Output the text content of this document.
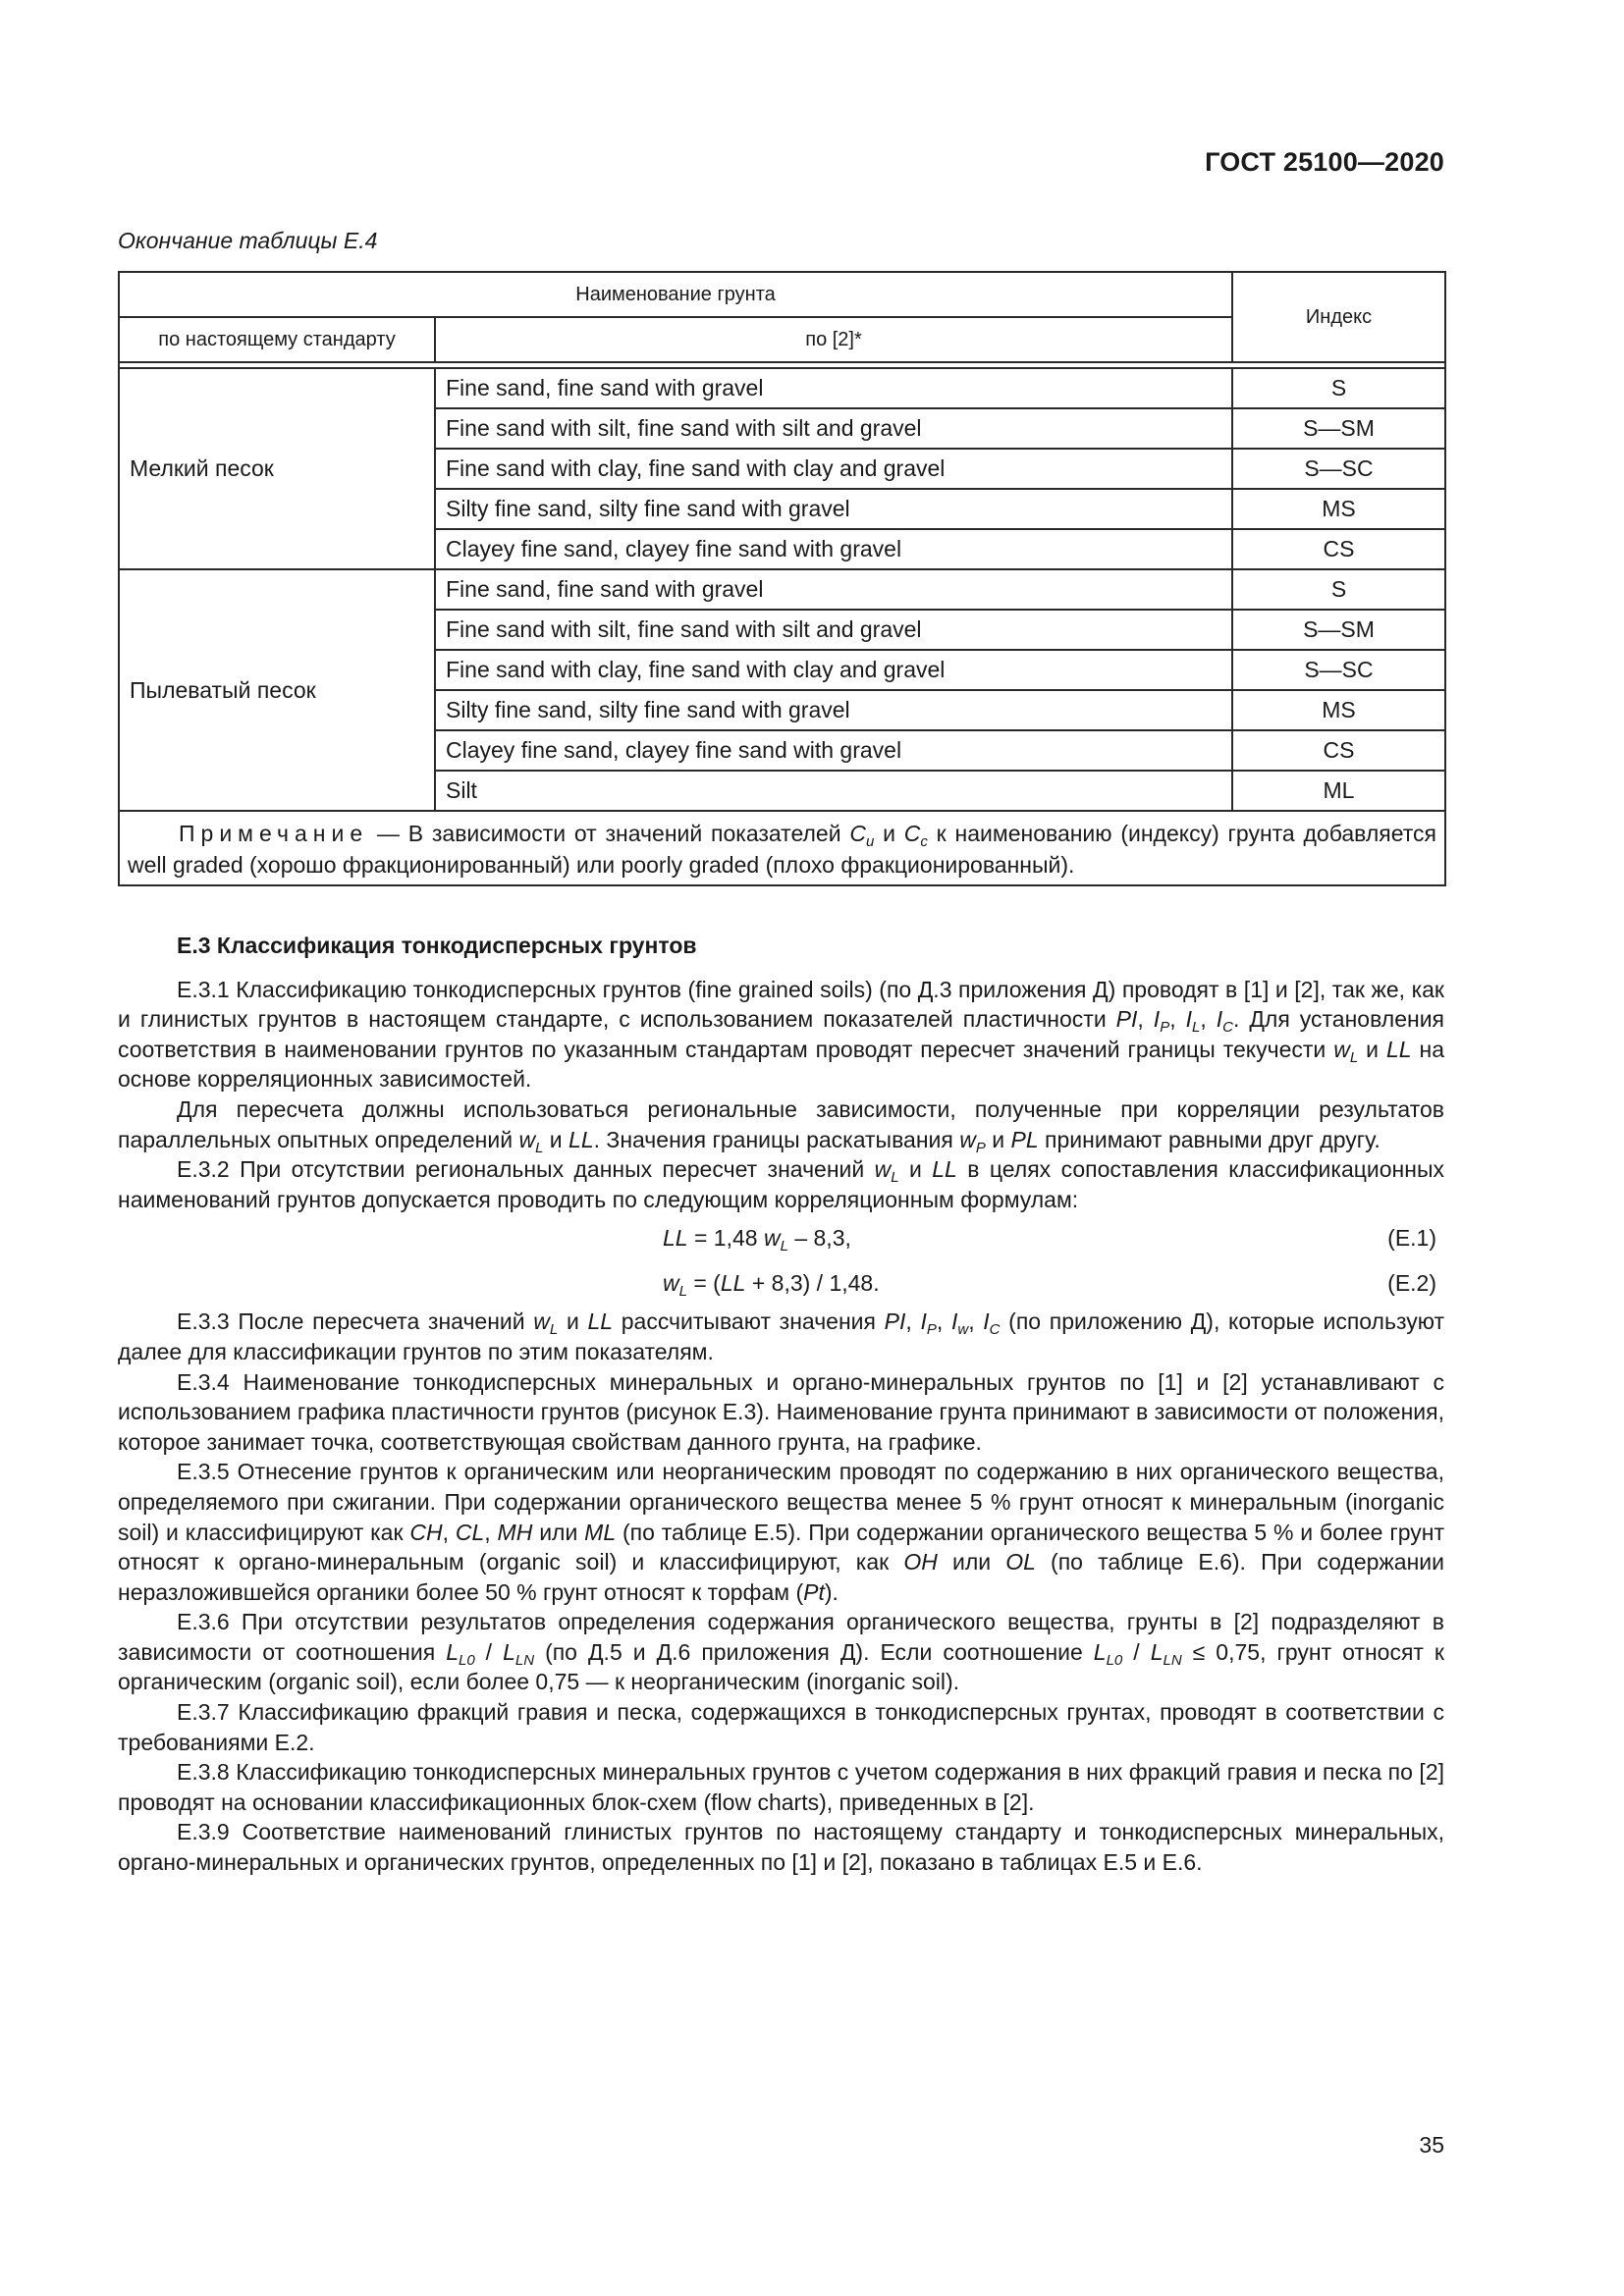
ГОСТ 25100—2020
Окончание таблицы Е.4
Наименование грунта		Индекс
по настоящему стандарту	по [2]*	

Мелкий песок	Fine sand, fine sand with gravel	S
	Fine sand with silt, fine sand with silt and gravel	S—SM
	Fine sand with clay, fine sand with clay and gravel	S—SC
	Silty fine sand, silty fine sand with gravel	MS
	Clayey fine sand, clayey fine sand with gravel	CS
Пылеватый песок	Fine sand, fine sand with gravel	S
	Fine sand with silt, fine sand with silt and gravel	S—SM
	Fine sand with clay, fine sand with clay and gravel	S—SC
	Silty fine sand, silty fine sand with gravel	MS
	Clayey fine sand, clayey fine sand with gravel	CS
	Silt	ML
Примечание — В зависимости от значений показателей $C_u$ и $C_c$ к наименованию (индексу) грунта добавляется well graded (хорошо фракционированный) или poorly graded (плохо фракционированный).		
Е.3 Классификация тонкодисперсных грунтов

Е.3.1 Классификацию тонкодисперсных грунтов (fine grained soils) (по Д.3 приложения Д) проводят в [1] и [2], так же, как и глинистых грунтов в настоящем стандарте, с использованием показателей пластичности PI, $I_P$, $I_L$, $I_C$. Для установления соответствия в наименовании грунтов по указанным стандартам проводят пересчет значений границы текучести $w_L$ и LL на основе корреляционных зависимостей.

Для пересчета должны использоваться региональные зависимости, полученные при корреляции результатов параллельных опытных определений $w_L$ и LL. Значения границы раскатывания $w_P$ и PL принимают равными друг другу.

Е.3.2 При отсутствии региональных данных пересчет значений $w_L$ и LL в целях сопоставления классификационных наименований грунтов допускается проводить по следующим корреляционным формулам:

LL = 1,48 $w_L - 8,3$,	(Е.1)
$w_L = (LL + 8,3) / 1,48$.	(Е.2)

Е.3.3 После пересчета значений $w_L$ и LL рассчитывают значения PI, $I_P$, $I_w$, $I_C$ (по приложению Д), которые используют далее для классификации грунтов по этим показателям.

Е.3.4 Наименование тонкодисперсных минеральных и органо-минеральных грунтов по [1] и [2] устанавливают с использованием графика пластичности грунтов (рисунок Е.3). Наименование грунта принимают в зависимости от положения, которое занимает точка, соответствующая свойствам данного грунта, на графике.

Е.3.5 Отнесение грунтов к органическим или неорганическим проводят по содержанию в них органического вещества, определяемого при сжигании. При содержании органического вещества менее 5 % грунт относят к минеральным (inorganic soil) и классифицируют как CH, CL, MH или ML (по таблице Е.5). При содержании органического вещества 5 % и более грунт относят к органо-минеральным (organic soil) и классифицируют, как OH или OL (по таблице Е.6). При содержании неразложившейся органики более 50 % грунт относят к торфам (Pt).

Е.3.6 При отсутствии результатов определения содержания органического вещества, грунты в [2] подразделяют в зависимости от соотношения $L_{L0} / L_{LN}$ (по Д.5 и Д.6 приложения Д). Если соотношение $L_{L0} / L_{LN} \le 0,75$, грунт относят к органическим (organic soil), если более 0,75 — к неорганическим (inorganic soil).

Е.3.7 Классификацию фракций гравия и песка, содержащихся в тонкодисперсных грунтах, проводят в соответствии с требованиями Е.2.

Е.3.8 Классификацию тонкодисперсных минеральных грунтов с учетом содержания в них фракций гравия и песка по [2] проводят на основании классификационных блок-схем (flow charts), приведенных в [2].

Е.3.9 Соответствие наименований глинистых грунтов по настоящему стандарту и тонкодисперсных минеральных, органо-минеральных и органических грунтов, определенных по [1] и [2], показано в таблицах Е.5 и Е.6.

35
